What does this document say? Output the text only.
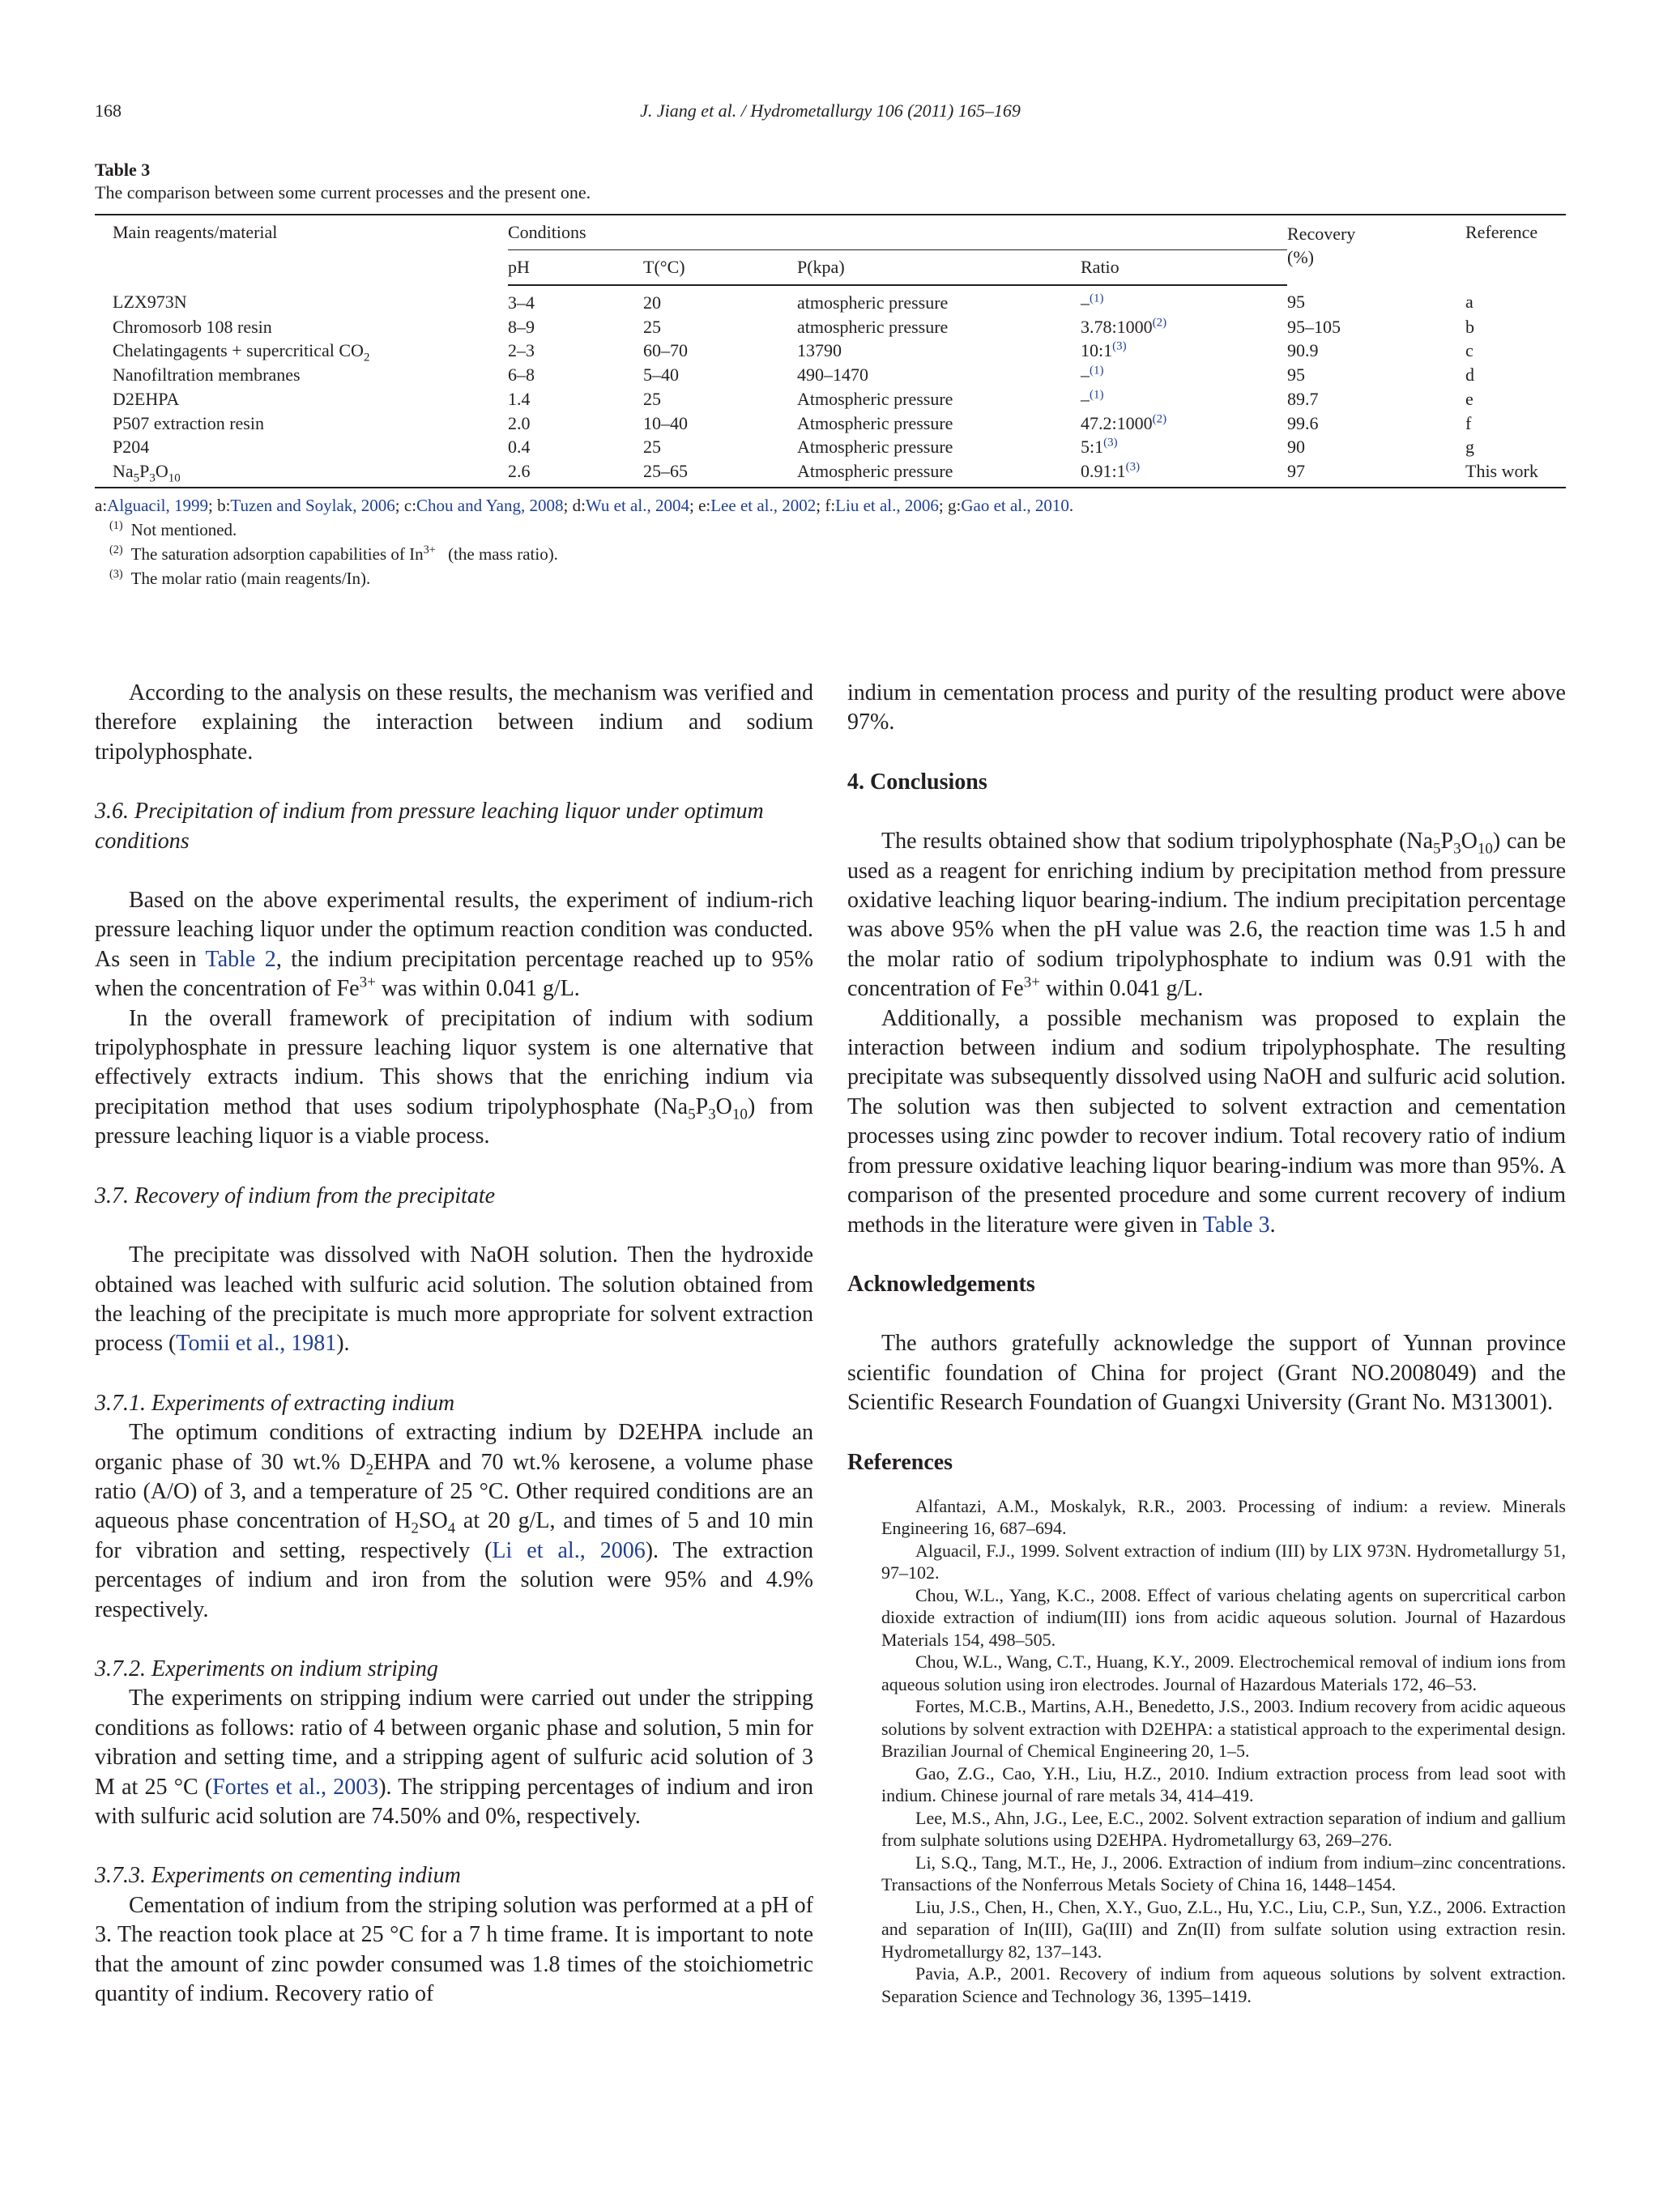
168	J. Jiang et al. / Hydrometallurgy 106 (2011) 165–169
Table 3
The comparison between some current processes and the present one.
Main reagents/material	Conditions				Recovery (%)	Reference
	pH	T(°C)	P(kpa)	Ratio		
LZX973N	3–4	20	atmospheric pressure	–$^{(1)}$	95	a
Chromosorb 108 resin	8–9	25	atmospheric pressure	3.78:1000$^{(2)}$	95–105	b
Chelatingagents + supercritical $CO_2$	2–3	60–70	13790	10:1$^{(3)}$	90.9	c
Nanofiltration membranes	6–8	5–40	490–1470	–$^{(1)}$	95	d
D2EHPA	1.4	25	Atmospheric pressure	–$^{(1)}$	89.7	e
P507 extraction resin	2.0	10–40	Atmospheric pressure	47.2:1000$^{(2)}$	99.6	f
P204	0.4	25	Atmospheric pressure	5:1$^{(3)}$	90	g
$Na_5P_3O_{10}$	2.6	25–65	Atmospheric pressure	0.91:1$^{(3)}$	97	This work
a:Alguacil, 1999; b:Tuzen and Soylak, 2006; c:Chou and Yang, 2008; d:Wu et al., 2004; e:Lee et al., 2002; f:Liu et al., 2006; g:Gao et al., 2010.
$^{(1)}$ Not mentioned.
$^{(2)}$ The saturation adsorption capabilities of $In^{3+}$ (the mass ratio).
$^{(3)}$ The molar ratio (main reagents/In).

According to the analysis on these results, the mechanism was verified and therefore explaining the interaction between indium and sodium tripolyphosphate.

3.6. Precipitation of indium from pressure leaching liquor under optimum conditions

Based on the above experimental results, the experiment of indium-rich pressure leaching liquor under the optimum reaction condition was conducted. As seen in Table 2, the indium precipitation percentage reached up to 95% when the concentration of $Fe^{3+}$ was within 0.041 g/L.

In the overall framework of precipitation of indium with sodium tripolyphosphate in pressure leaching liquor system is one alternative that effectively extracts indium. This shows that the enriching indium via precipitation method that uses sodium tripolyphosphate $(Na_5P_3O_{10})$ from pressure leaching liquor is a viable process.

3.7. Recovery of indium from the precipitate

The precipitate was dissolved with NaOH solution. Then the hydroxide obtained was leached with sulfuric acid solution. The solution obtained from the leaching of the precipitate is much more appropriate for solvent extraction process (Tomii et al., 1981).

3.7.1. Experiments of extracting indium

The optimum conditions of extracting indium by D2EHPA include an organic phase of 30 wt.% $D_2EHPA$ and 70 wt.% kerosene, a volume phase ratio (A/O) of 3, and a temperature of 25 °C. Other required conditions are an aqueous phase concentration of $H_2SO_4$ at 20 g/L, and times of 5 and 10 min for vibration and setting, respectively (Li et al., 2006). The extraction percentages of indium and iron from the solution were 95% and 4.9% respectively.

3.7.2. Experiments on indium striping

The experiments on stripping indium were carried out under the stripping conditions as follows: ratio of 4 between organic phase and solution, 5 min for vibration and setting time, and a stripping agent of sulfuric acid solution of 3 M at 25 °C (Fortes et al., 2003). The stripping percentages of indium and iron with sulfuric acid solution are 74.50% and 0%, respectively.

3.7.3. Experiments on cementing indium

Cementation of indium from the striping solution was performed at a pH of 3. The reaction took place at 25 °C for a 7 h time frame. It is important to note that the amount of zinc powder consumed was 1.8 times of the stoichiometric quantity of indium. Recovery ratio of

indium in cementation process and purity of the resulting product were above 97%.

4. Conclusions

The results obtained show that sodium tripolyphosphate $(Na_5P_3O_{10})$ can be used as a reagent for enriching indium by precipitation method from pressure oxidative leaching liquor bearing-indium. The indium precipitation percentage was above 95% when the pH value was 2.6, the reaction time was 1.5 h and the molar ratio of sodium tripolyphosphate to indium was 0.91 with the concentration of $Fe^{3+}$ within 0.041 g/L.

Additionally, a possible mechanism was proposed to explain the interaction between indium and sodium tripolyphosphate. The resulting precipitate was subsequently dissolved using NaOH and sulfuric acid solution. The solution was then subjected to solvent extraction and cementation processes using zinc powder to recover indium. Total recovery ratio of indium from pressure oxidative leaching liquor bearing-indium was more than 95%. A comparison of the presented procedure and some current recovery of indium methods in the literature were given in Table 3.

Acknowledgements

The authors gratefully acknowledge the support of Yunnan province scientific foundation of China for project (Grant NO.2008049) and the Scientific Research Foundation of Guangxi University (Grant No. M313001).

References

Alfantazi, A.M., Moskalyk, R.R., 2003. Processing of indium: a review. Minerals Engineering 16, 687–694.

Alguacil, F.J., 1999. Solvent extraction of indium (III) by LIX 973N. Hydrometallurgy 51, 97–102.

Chou, W.L., Yang, K.C., 2008. Effect of various chelating agents on supercritical carbon dioxide extraction of indium(III) ions from acidic aqueous solution. Journal of Hazardous Materials 154, 498–505.

Chou, W.L., Wang, C.T., Huang, K.Y., 2009. Electrochemical removal of indium ions from aqueous solution using iron electrodes. Journal of Hazardous Materials 172, 46–53.

Fortes, M.C.B., Martins, A.H., Benedetto, J.S., 2003. Indium recovery from acidic aqueous solutions by solvent extraction with D2EHPA: a statistical approach to the experimental design. Brazilian Journal of Chemical Engineering 20, 1–5.

Gao, Z.G., Cao, Y.H., Liu, H.Z., 2010. Indium extraction process from lead soot with indium. Chinese journal of rare metals 34, 414–419.

Lee, M.S., Ahn, J.G., Lee, E.C., 2002. Solvent extraction separation of indium and gallium from sulphate solutions using D2EHPA. Hydrometallurgy 63, 269–276.

Li, S.Q., Tang, M.T., He, J., 2006. Extraction of indium from indium–zinc concentrations. Transactions of the Nonferrous Metals Society of China 16, 1448–1454.

Liu, J.S., Chen, H., Chen, X.Y., Guo, Z.L., Hu, Y.C., Liu, C.P., Sun, Y.Z., 2006. Extraction and separation of In(III), Ga(III) and Zn(II) from sulfate solution using extraction resin. Hydrometallurgy 82, 137–143.

Pavia, A.P., 2001. Recovery of indium from aqueous solutions by solvent extraction. Separation Science and Technology 36, 1395–1419.
